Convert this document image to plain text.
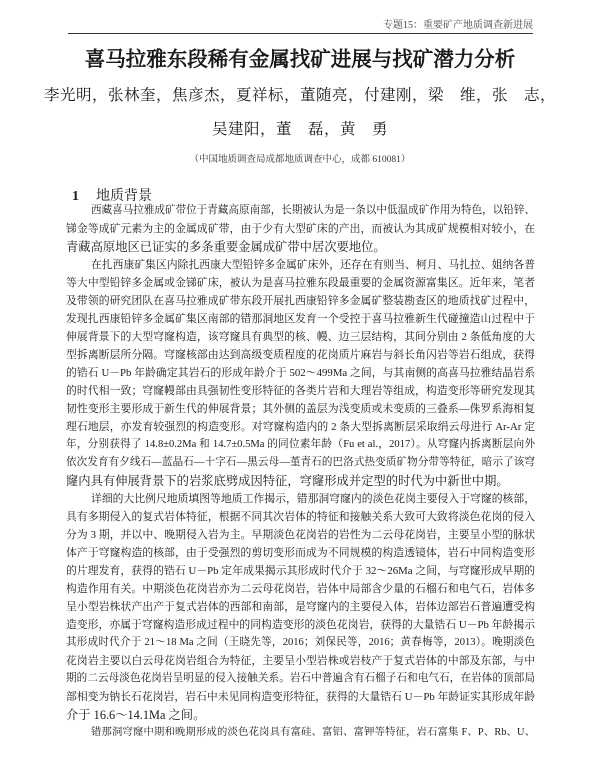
专题15：重要矿产地质调查新进展
喜马拉雅东段稀有金属找矿进展与找矿潜力分析
李光明，张林奎，焦彦杰，夏祥标，董随亮，付建刚，梁　维，张　志，
吴建阳，董　磊，黄　勇
（中国地质调查局成都地质调查中心，成都 610081）
1 地质背景
西藏喜马拉雅成矿带位于青藏高原南部，长期被认为是一条以中低温成矿作用为特色，以铅锌、
锑金等成矿元素为主的金属成矿带，由于少有大型矿床的产出，而被认为其成矿规模相对较小，在
青藏高原地区已证实的多条重要金属成矿带中居次要地位。
在扎西康矿集区内除扎西康大型铅锌多金属矿床外，还存在有则当、柯月、马扎拉、姐纳各普
等大中型铅锌多金属或金锑矿床，被认为是喜马拉雅东段最重要的金属资源富集区。近年来，笔者
及带领的研究团队在喜马拉雅成矿带东段开展扎西康铅锌多金属矿整装勘查区的地质找矿过程中，
发现扎西康铅锌多金属矿集区南部的错那洞地区发育一个受控于喜马拉雅新生代碰撞造山过程中于
伸展背景下的大型穹窿构造，该穹窿具有典型的核、幔、边三层结构，其间分别由 2 条低角度的大
型拆离断层所分隔。穹窿核部由达到高级变质程度的花岗质片麻岩与斜长角闪岩等岩石组成，获得
的锆石 U－Pb 年龄确定其岩石的形成年龄介于 502～499Ma 之间，与其南侧的高喜马拉雅结晶岩系
的时代相一致；穹窿幔部由具强韧性变形特征的各类片岩和大理岩等组成，构造变形等研究发现其
韧性变形主要形成于新生代的伸展背景；其外侧的盖层为浅变质或未变质的三叠系—侏罗系海相复
理石地层，亦发育较强烈的构造变形。对穹窿构造内的 2 条大型拆离断层采取绢云母进行 Ar-Ar 定
年，分别获得了 14.8±0.2Ma 和 14.7±0.5Ma 的同位素年龄（Fu et al.，2017）。从穹窿内拆离断层向外
依次发育有夕线石—蓝晶石—十字石—黑云母—堇青石的巴洛式热变质矿物分带等特征，暗示了该穹
窿内具有伸展背景下的岩浆底劈成因特征，穹窿形成并定型的时代为中新世中期。
详细的大比例尺地质填图等地质工作揭示，错那洞穹窿内的淡色花岗主要侵入于穹窿的核部，
具有多期侵入的复式岩体特征，根据不同其次岩体的特征和接触关系大致可大致将淡色花岗的侵入
分为 3 期，并以中、晚期侵入岩为主。早期淡色花岗岩的岩性为二云母花岗岩，主要呈小型的脉状
体产于穹窿构造的核部，由于受强烈的剪切变形而成为不同规模的构造透镜体，岩石中同构造变形
的片理发育，获得的锆石 U－Pb 定年成果揭示其形成时代介于 32～26Ma 之间，与穹窿形成早期的
构造作用有关。中期淡色花岗岩亦为二云母花岗岩，岩体中局部含少量的石榴石和电气石，岩体多
呈小型岩株状产出产于复式岩体的西部和南部，是穹窿内的主要侵入体，岩体边部岩石普遍遭受构
造变形，亦属于穹窿构造形成过程中的同构造变形的淡色花岗岩，获得的大量锆石 U－Pb 年龄揭示
其形成时代介于 21～18 Ma 之间（王晓先等，2016；刘保民等，2016；黄春梅等，2013）。晚期淡色
花岗岩主要以白云母花岗岩组合为特征，主要呈小型岩株或岩枝产于复式岩体的中部及东部，与中
期的二云母淡色花岗岩呈明显的侵入接触关系。岩石中普遍含有石榴子石和电气石，在岩体的顶部局
部相变为钠长石花岗岩，岩石中未见同构造变形特征，获得的大量锆石 U－Pb 年龄证实其形成年龄
介于 16.6～14.1Ma 之间。
错那洞穹窿中期和晚期形成的淡色花岗具有富硅、富铝、富钾等特征，岩石富集 F、P、Rb、U、
